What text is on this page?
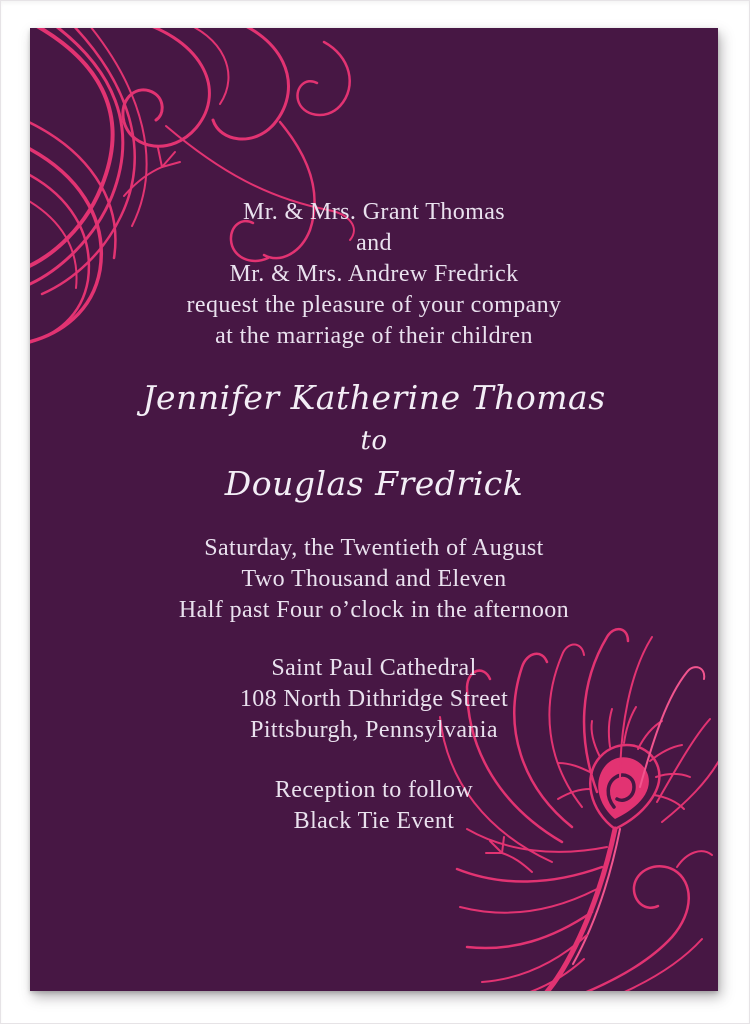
Mr. & Mrs. Grant Thomas
and
Mr. & Mrs. Andrew Fredrick
request the pleasure of your company
at the marriage of their children
Jennifer Katherine Thomas
to
Douglas Fredrick
Saturday, the Twentieth of August
Two Thousand and Eleven
Half past Four o’clock in the afternoon
Saint Paul Cathedral
108 North Dithridge Street
Pittsburgh, Pennsylvania
Reception to follow
Black Tie Event
